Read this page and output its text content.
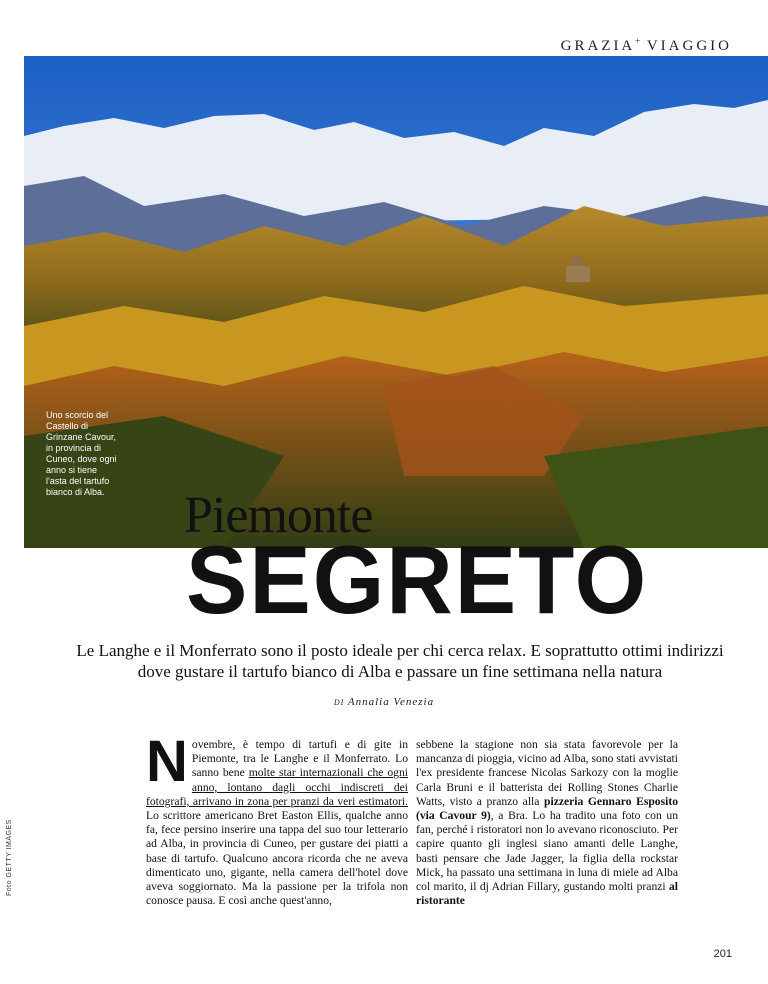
GRAZIA+ VIAGGIO
Uno scorcio del Castello di Grinzane Cavour, in provincia di Cuneo, dove ogni anno si tiene l'asta del tartufo bianco di Alba. Piemonte
SEGRETO
Le Langhe e il Monferrato sono il posto ideale per chi cerca relax. E soprattutto ottimi indirizzi dove gustare il tartufo bianco di Alba e passare un fine settimana nella natura
DI Annalia Venezia
Novembre, è tempo di tartufi e di gite in Piemonte, tra le Langhe e il Monferrato. Lo sanno bene molte star internazionali che ogni anno, lontano dagli occhi indiscreti dei fotografi, arrivano in zona per pranzi da veri estimatori. Lo scrittore americano Bret Easton Ellis, qualche anno fa, fece persino inserire una tappa del suo tour letterario ad Alba, in provincia di Cuneo, per gustare dei piatti a base di tartufo. Qualcuno ancora ricorda che ne aveva dimenticato uno, gigante, nella camera dell'hotel dove aveva soggiornato. Ma la passione per la trifola non conosce pausa. E così anche quest'anno,
sebbene la stagione non sia stata favorevole per la mancanza di pioggia, vicino ad Alba, sono stati avvistati l'ex presidente francese Nicolas Sarkozy con la moglie Carla Bruni e il batterista dei Rolling Stones Charlie Watts, visto a pranzo alla pizzeria Gennaro Esposito (via Cavour 9), a Bra. Lo ha tradito una foto con un fan, perché i ristoratori non lo avevano riconosciuto. Per capire quanto gli inglesi siano amanti delle Langhe, basti pensare che Jade Jagger, la figlia della rockstar Mick, ha passato una settimana in luna di miele ad Alba col marito, il dj Adrian Fillary, gustando molti pranzi al ristorante
Foto GETTY IMAGES
201
